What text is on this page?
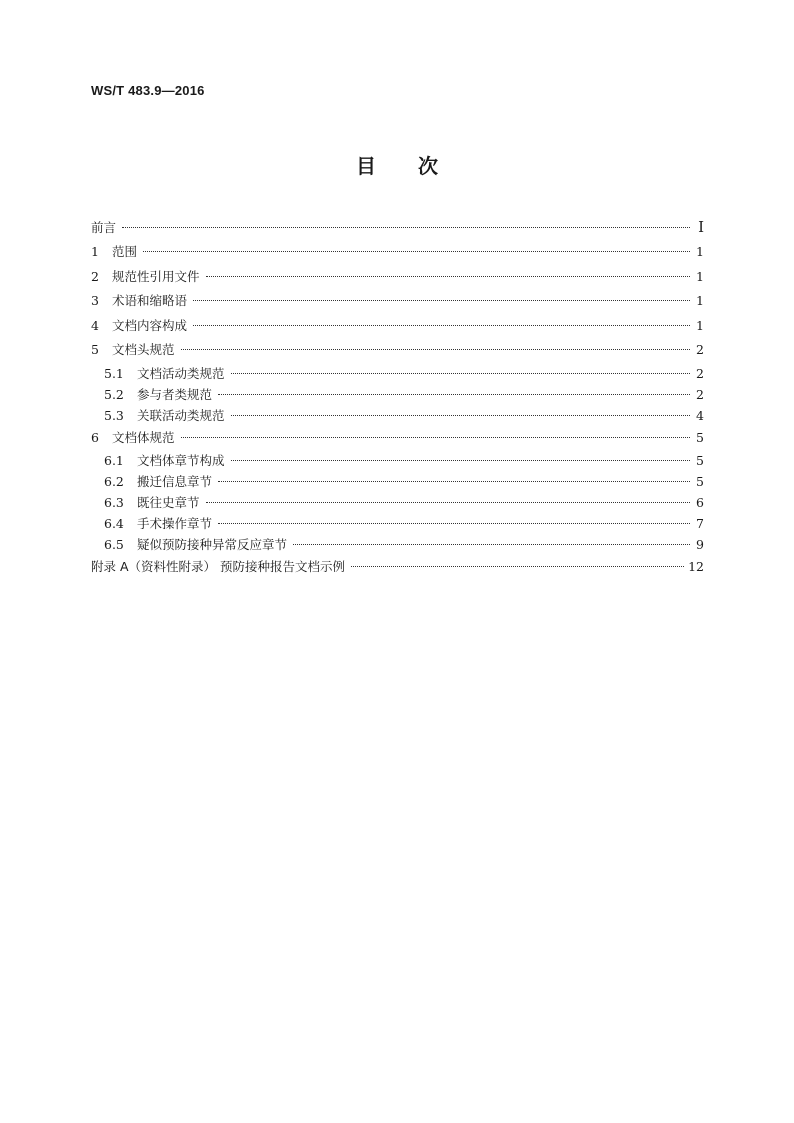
WS/T 483.9—2016
目 次
前言	Ⅰ
1	范围	1
2	规范性引用文件	1
3	术语和缩略语	1
4	文档内容构成	1
5	文档头规范	2
5.1	文档活动类规范	2
5.2	参与者类规范	2
5.3	关联活动类规范	4
6	文档体规范	5
6.1	文档体章节构成	5
6.2	搬迁信息章节	5
6.3	既往史章节	6
6.4	手术操作章节	7
6.5	疑似预防接种异常反应章节	9
附录 A（资料性附录） 预防接种报告文档示例	12
